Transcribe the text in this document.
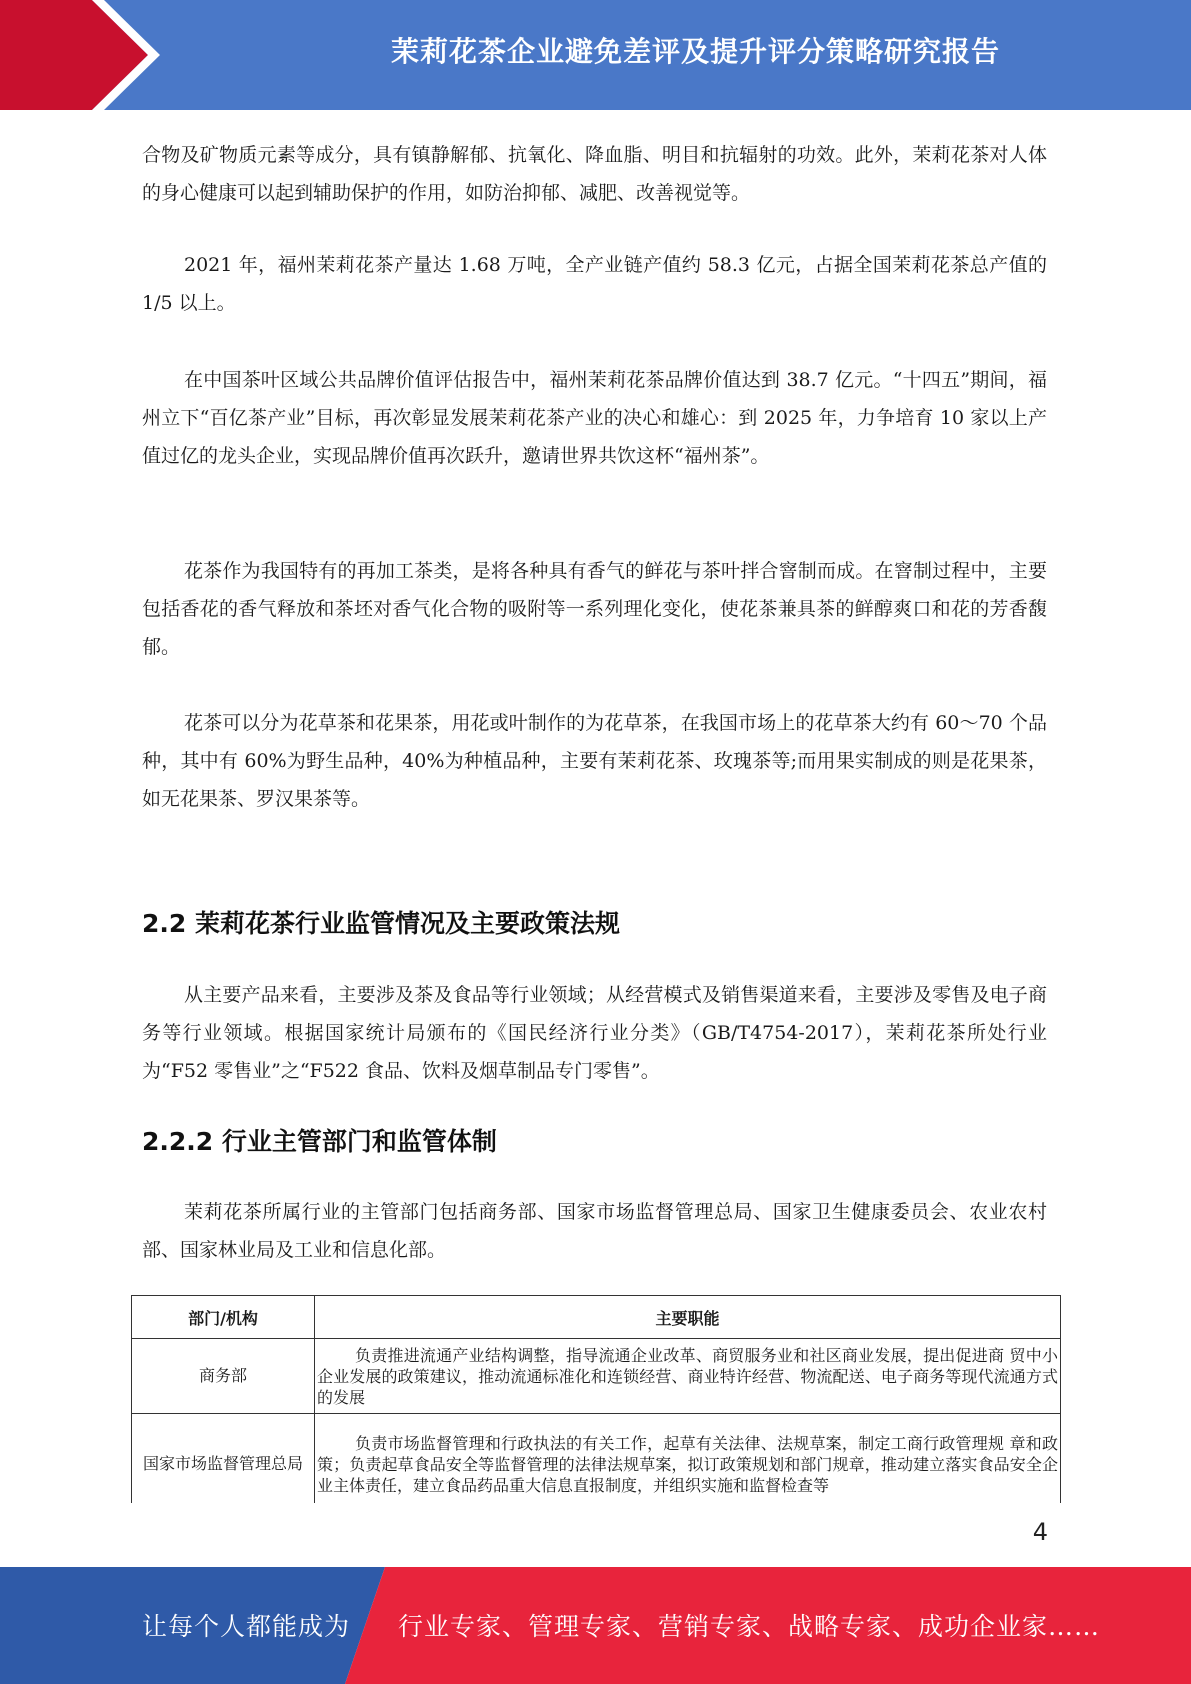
茉莉花茶企业避免差评及提升评分策略研究报告

合物及矿物质元素等成分，具有镇静解郁、抗氧化、降血脂、明目和抗辐射的功效。此外，茉莉花茶对人体的身心健康可以起到辅助保护的作用，如防治抑郁、减肥、改善视觉等。

2021 年，福州茉莉花茶产量达 1.68 万吨，全产业链产值约 58.3 亿元，占据全国茉莉花茶总产值的 1/5 以上。

在中国茶叶区域公共品牌价值评估报告中，福州茉莉花茶品牌价值达到 38.7 亿元。“十四五”期间，福州立下“百亿茶产业”目标，再次彰显发展茉莉花茶产业的决心和雄心：到 2025 年，力争培育 10 家以上产值过亿的龙头企业，实现品牌价值再次跃升，邀请世界共饮这杯“福州茶”。

花茶作为我国特有的再加工茶类，是将各种具有香气的鲜花与茶叶拌合窨制而成。在窨制过程中，主要包括香花的香气释放和茶坯对香气化合物的吸附等一系列理化变化，使花茶兼具茶的鲜醇爽口和花的芳香馥郁。

花茶可以分为花草茶和花果茶，用花或叶制作的为花草茶，在我国市场上的花草茶大约有 60～70 个品种，其中有 60%为野生品种，40%为种植品种，主要有茉莉花茶、玫瑰茶等;而用果实制成的则是花果茶，如无花果茶、罗汉果茶等。

2.2 茉莉花茶行业监管情况及主要政策法规

从主要产品来看，主要涉及茶及食品等行业领域；从经营模式及销售渠道来看，主要涉及零售及电子商务等行业领域。根据国家统计局颁布的《国民经济行业分类》（GB/T4754-2017），茉莉花茶所处行业为“F52 零售业”之“F522 食品、饮料及烟草制品专门零售”。

2.2.2 行业主管部门和监管体制

茉莉花茶所属行业的主管部门包括商务部、国家市场监督管理总局、国家卫生健康委员会、农业农村部、国家林业局及工业和信息化部。

部门/机构	主要职能
商务部	负责推进流通产业结构调整，指导流通企业改革、商贸服务业和社区商业发展，提出促进商 贸中小企业发展的政策建议，推动流通标准化和连锁经营、商业特许经营、物流配送、电子商务等现代流通方式的发展
国家市场监督管理总局	负责市场监督管理和行政执法的有关工作，起草有关法律、法规草案，制定工商行政管理规 章和政策；负责起草食品安全等监督管理的法律法规草案，拟订政策规划和部门规章，推动建立落实食品安全企业主体责任，建立食品药品重大信息直报制度，并组织实施和监督检查等
4
让每个人都能成为 行业专家、管理专家、营销专家、战略专家、成功企业家……
